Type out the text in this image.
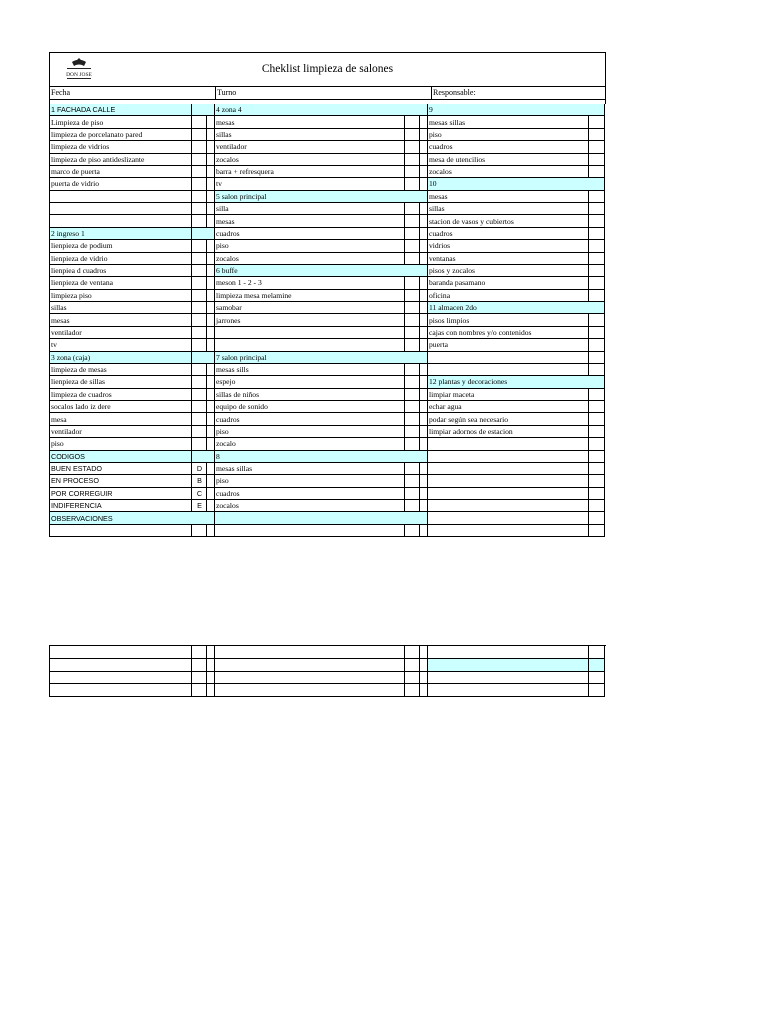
DON JOSE	Cheklist limpieza de salones
Fecha	Turno	Responsable:
1 FACHADA CALLE			4 zona 4			9	
Limpieza de piso			mesas			mesas sillas	
limpieza de porcelanato pared			sillas			piso	
limpieza de vidrios			ventilador			cuadros	
limpieza de piso antideslizante			zocalos			mesa de utencilios	
marco de puerta			barra + refresquera			zocalos	
puerta de vidrio			tv			10	
			5 salon principal			mesas	
			silla			sillas	
			mesas			stacion de vasos y cubiertos	
2 ingreso 1			cuadros			cuadros	
lienpieza de podium			piso			vidrios	
lienpieza de vidrio			zocalos			ventanas	
lienpiea d cuadros			6 buffe			pisos y zocalos	
lienpieza de ventana			meson 1 - 2 - 3			baranda pasamano	
limpieza piso			limpieza mesa melamine			oficina	
sillas			samobar			11 almacen 2do	
mesas			jarrones			pisos limpios	
ventilador						cajas con nombres y/o contenidos	
tv						puerta	
3 zona (caja)			7 salon principal				
limpieza de mesas			mesas sills				
lienpieza de sillas			espejo			12 plantas y decoraciones	
limpieza de cuadros			sillas de niños			limpiar maceta	
socalos lado iz dere			equipo de sonido			echar agua	
mesa			cuadros			podar según sea necesario	
ventilador			piso			limpiar adornos de estacion	
piso			zocalo				
CODIGOS			8				
BUEN ESTADO	D		mesas sillas				
EN PROCESO	B		piso				
POR CORREGUIR	C		cuadros				
INDIFERENCIA	E		zocalos				
OBSERVACIONES							
